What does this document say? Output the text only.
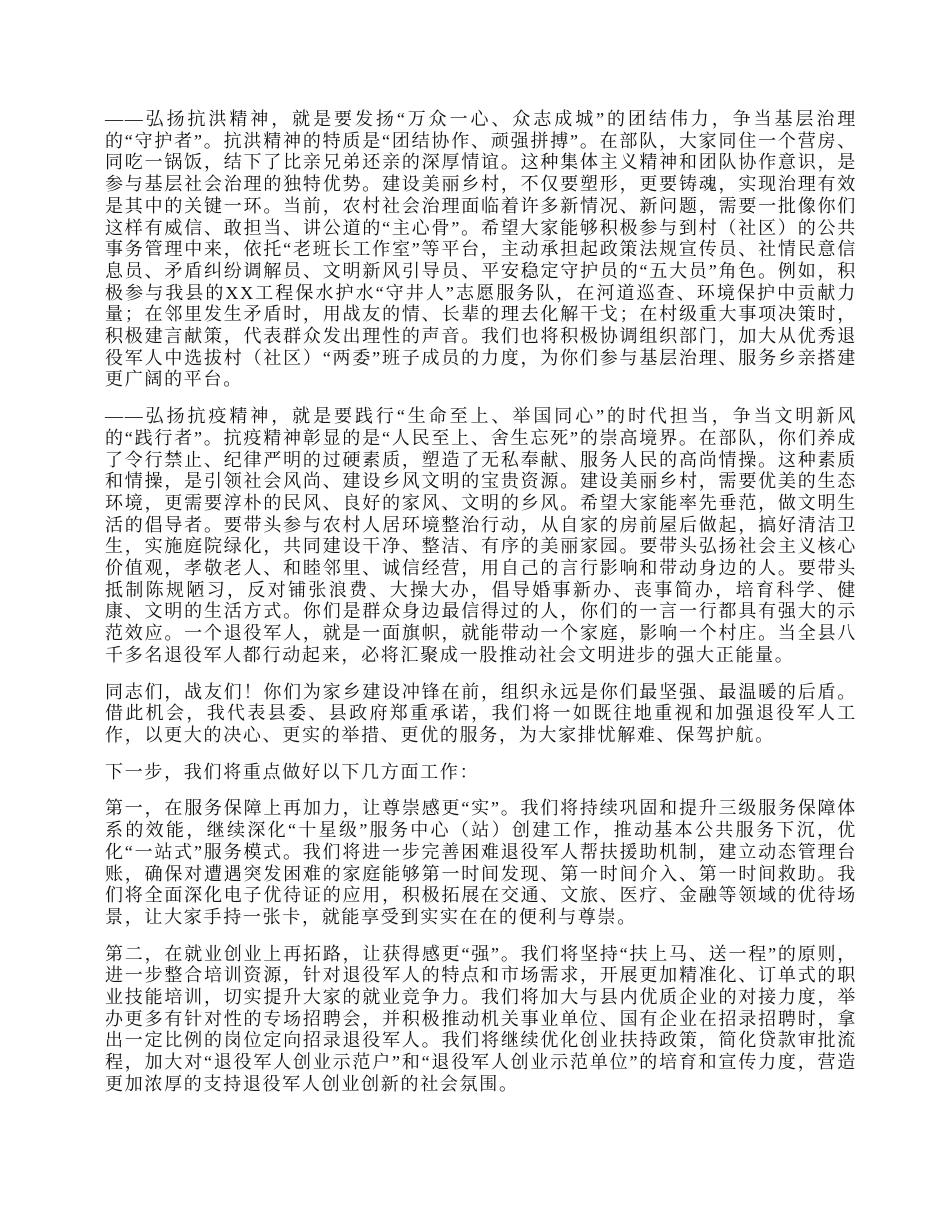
——弘扬抗洪精神，就是要发扬“万众一心、众志成城”的团结伟力，争当基层治理的“守护者”。抗洪精神的特质是“团结协作、顽强拼搏”。在部队，大家同住一个营房、同吃一锅饭，结下了比亲兄弟还亲的深厚情谊。这种集体主义精神和团队协作意识，是参与基层社会治理的独特优势。建设美丽乡村，不仅要塑形，更要铸魂，实现治理有效是其中的关键一环。当前，农村社会治理面临着许多新情况、新问题，需要一批像你们这样有威信、敢担当、讲公道的“主心骨”。希望大家能够积极参与到村（社区）的公共事务管理中来，依托“老班长工作室”等平台，主动承担起政策法规宣传员、社情民意信息员、矛盾纠纷调解员、文明新风引导员、平安稳定守护员的“五大员”角色。例如，积极参与我县的XX工程保水护水“守井人”志愿服务队，在河道巡查、环境保护中贡献力量；在邻里发生矛盾时，用战友的情、长辈的理去化解干戈；在村级重大事项决策时，积极建言献策，代表群众发出理性的声音。我们也将积极协调组织部门，加大从优秀退役军人中选拔村（社区）“两委”班子成员的力度，为你们参与基层治理、服务乡亲搭建更广阔的平台。

——弘扬抗疫精神，就是要践行“生命至上、举国同心”的时代担当，争当文明新风的“践行者”。抗疫精神彰显的是“人民至上、舍生忘死”的崇高境界。在部队，你们养成了令行禁止、纪律严明的过硬素质，塑造了无私奉献、服务人民的高尚情操。这种素质和情操，是引领社会风尚、建设乡风文明的宝贵资源。建设美丽乡村，需要优美的生态环境，更需要淳朴的民风、良好的家风、文明的乡风。希望大家能率先垂范，做文明生活的倡导者。要带头参与农村人居环境整治行动，从自家的房前屋后做起，搞好清洁卫生，实施庭院绿化，共同建设干净、整洁、有序的美丽家园。要带头弘扬社会主义核心价值观，孝敬老人、和睦邻里、诚信经营，用自己的言行影响和带动身边的人。要带头抵制陈规陋习，反对铺张浪费、大操大办，倡导婚事新办、丧事简办，培育科学、健康、文明的生活方式。你们是群众身边最信得过的人，你们的一言一行都具有强大的示范效应。一个退役军人，就是一面旗帜，就能带动一个家庭，影响一个村庄。当全县八千多名退役军人都行动起来，必将汇聚成一股推动社会文明进步的强大正能量。

同志们，战友们！你们为家乡建设冲锋在前，组织永远是你们最坚强、最温暖的后盾。借此机会，我代表县委、县政府郑重承诺，我们将一如既往地重视和加强退役军人工作，以更大的决心、更实的举措、更优的服务，为大家排忧解难、保驾护航。

下一步，我们将重点做好以下几方面工作：

第一，在服务保障上再加力，让尊崇感更“实”。我们将持续巩固和提升三级服务保障体系的效能，继续深化“十星级”服务中心（站）创建工作，推动基本公共服务下沉，优化“一站式”服务模式。我们将进一步完善困难退役军人帮扶援助机制，建立动态管理台账，确保对遭遇突发困难的家庭能够第一时间发现、第一时间介入、第一时间救助。我们将全面深化电子优待证的应用，积极拓展在交通、文旅、医疗、金融等领域的优待场景，让大家手持一张卡，就能享受到实实在在的便利与尊崇。

第二，在就业创业上再拓路，让获得感更“强”。我们将坚持“扶上马、送一程”的原则，进一步整合培训资源，针对退役军人的特点和市场需求，开展更加精准化、订单式的职业技能培训，切实提升大家的就业竞争力。我们将加大与县内优质企业的对接力度，举办更多有针对性的专场招聘会，并积极推动机关事业单位、国有企业在招录招聘时，拿出一定比例的岗位定向招录退役军人。我们将继续优化创业扶持政策，简化贷款审批流程，加大对“退役军人创业示范户”和“退役军人创业示范单位”的培育和宣传力度，营造更加浓厚的支持退役军人创业创新的社会氛围。
